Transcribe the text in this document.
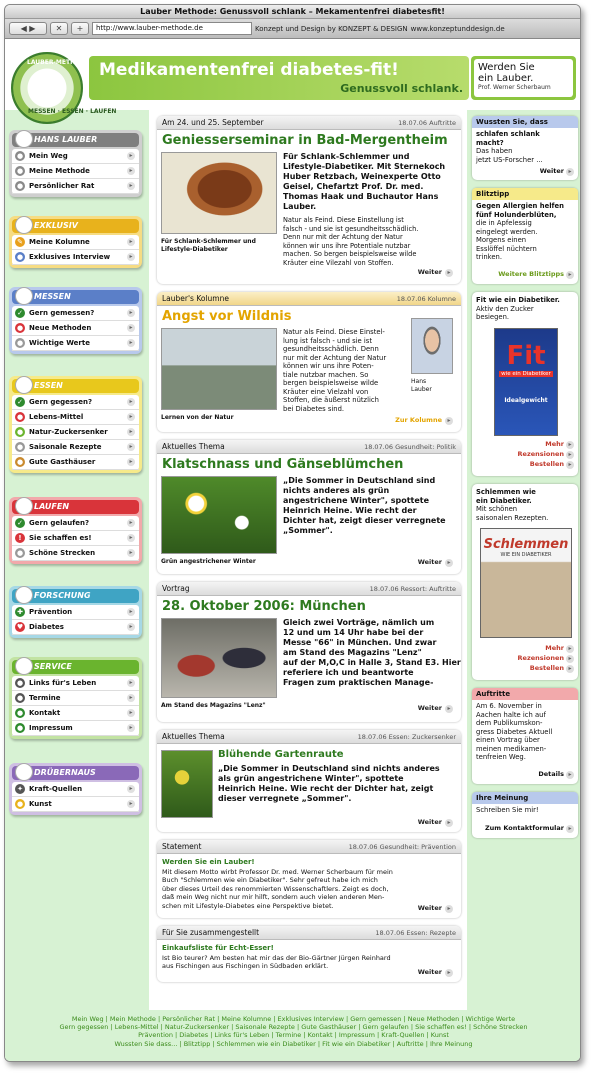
Lauber Methode: Genussvoll schlank – Mekamentenfrei diabetesfit!
◀ ▶	✕	+	http://www.lauber-methode.de	Konzept und Design by KONZEPT & DESIGN www.konzeptunddesign.de
Medikamentenfrei diabetes-fit!
Genussvoll schlank.
Werden Sie
ein Lauber.
Prof. Werner Scherbaum
LAUBER-METHODE
MESSEN · ESSEN · LAUFEN
☺ HANS LAUBER
● Mein Weg	▸
● Meine Methode	▸
● Persönlicher Rat	▸
★ EXKLUSIV
✎ Meine Kolumne	▸
● Exklusives Interview	▸
✓ MESSEN
✓ Gern gemessen?	▸
● Neue Methoden	▸
● Wichtige Werte	▸
✂ ESSEN
✓ Gern gegessen?	▸
● Lebens-Mittel	▸
● Natur-Zuckersenker	▸
● Saisonale Rezepte	▸
● Gute Gasthäuser	▸
➤ LAUFEN
✓ Gern gelaufen?	▸
!	Sie schaffen es!	▸
● Schöne Strecken	▸
⚗ FORSCHUNG
✚ Prävention	▸
♥ Diabetes	▸
✚ SERVICE
● Links für's Leben	▸
● Termine	▸
● Kontakt	▸
● Impressum	▸
◉ DRÜBERNAUS
✦ Kraft-Quellen	▸
● Kunst	▸
Am 24. und 25. September	18.07.06 Auftritte
Geniesserseminar in Bad-Mergentheim
Für Schlank-Schlemmer und
Lifestyle-Diabetiker
Für Schlank-Schlemmer und
Lifestyle-Diabetiker. Mit Sternekoch
Huber Retzbach, Weinexperte Otto
Geisel, Chefartzt Prof. Dr. med.
Thomas Haak und Buchautor Hans
Lauber.
Natur als Feind. Diese Einstellung ist
falsch - und sie ist gesundheitsschädlich.
Denn nur mit der Achtung der Natur
können wir uns ihre Potentiale nutzbar
machen. So bergen beispielsweise wilde
Kräuter eine Vilezahl von Stoffen.
Weiter ▸
Lauber's Kolumne	18.07.06 Kolumne
Angst vor Wildnis
Lernen von der Natur
Natur als Feind. Diese Einstel-
lung ist falsch - und sie ist
gesundheitsschädlich. Denn
nur mit der Achtung der Natur
können wir uns ihre Poten-
tiale nutzbar machen. So
bergen beispielsweise wilde
Kräuter eine Vielzahl von
Stoffen, die äußerst nützlich
bei Diabetes sind.
Hans
Lauber
Zur Kolumne ▸
Aktuelles Thema	18.07.06 Gesundheit: Politik
Klatschnass und Gänseblümchen
Grün angestrichener Winter
„Die Sommer in Deutschland sind
nichts anderes als grün
angestrichene Winter", spottete
Heinrich Heine. Wie recht der
Dichter hat, zeigt dieser verregnete
„Sommer".
Weiter ▸
Vortrag	18.07.06 Ressort: Auftritte
28. Oktober 2006: München
Am Stand des Magazins "Lenz"
Gleich zwei Vorträge, nämlich um
12 und um 14 Uhr habe bei der
Messe "66" in München. Und zwar
am Stand des Magazins "Lenz"
auf der M,O,C in Halle 3, Stand E3. Hier
referiere ich und beantworte
Fragen zum praktischen Manage-
Weiter ▸
Aktuelles Thema	18.07.06 Essen: Zuckersenker
Blühende Gartenraute
„Die Sommer in Deutschland sind nichts anderes
als grün angestrichene Winter", spottete
Heinrich Heine. Wie recht der Dichter hat, zeigt
dieser verregnete „Sommer".
Weiter ▸
Statement	18.07.06 Gesundheit: Prävention
Werden Sie ein Lauber!
Mit diesem Motto wirbt Professor Dr. med. Werner Scherbaum für mein
Buch "Schlemmen wie ein Diabetiker". Sehr gefreut habe ich mich
über dieses Urteil des renommierten Wissenschaftlers. Zeigt es doch,
daß mein Weg nicht nur mir hilft, sondern auch vielen anderen Men-
schen mit Lifestyle-Diabetes eine Perspektive bietet.	Weiter ▸
Für Sie zusammengestellt	18.07.06 Essen: Rezepte
Einkaufsliste für Echt-Esser!
Ist Bio teurer? Am besten hat mir das der Bio-Gärtner Jürgen Reinhard
aus Fischingen aus Fischingen in Südbaden erklärt.
Weiter ▸
Wussten Sie, dass
schlafen schlank
macht?
Das haben
jetzt US-Forscher ...
Weiter ▸
Blitztipp
Gegen Allergien helfen
fünf Holunderblüten,
die in Apfelessig
eingelegt werden.
Morgens einen
Esslöffel nüchtern
trinken.
Weitere Blitztipps ▸
Fit wie ein Diabetiker.
Aktiv den Zucker
besiegen.
Fit
wie ein Diabetiker
Idealgewicht
Mehr ▸
Rezensionen ▸
Bestellen ▸
Schlemmen wie
ein Diabetiker.
Mit schönen
saisonalen Rezepten.
Schlemmen
WIE EIN DIABETIKER
Mehr ▸
Rezensionen ▸
Bestellen ▸
Auftritte
Am 6. November in
Aachen halte ich auf
dem Publikumskon-
gress Diabetes Aktuell
einen Vortrag über
meinen medikamen-
tenfreien Weg.
Details ▸
Ihre Meinung
Schreiben Sie mir!
Zum Kontaktformular ▸
Mein Weg | Mein Methode | Persönlicher Rat | Meine Kolumne | Exklusives Interview | Gern gemessen | Neue Methoden | Wichtige Werte
Gern gegessen | Lebens-Mittel | Natur-Zuckersenker | Saisonale Rezepte | Gute Gasthäuser | Gern gelaufen | Sie schaffen es! | Schöne Strecken
Prävention | Diabetes | Links für's Leben | Termine | Kontakt | Impressum | Kraft-Quellen | Kunst
Wussten Sie dass... | Blitztipp | Schlemmen wie ein Diabetiker | Fit wie ein Diabetiker | Auftritte | Ihre Meinung
